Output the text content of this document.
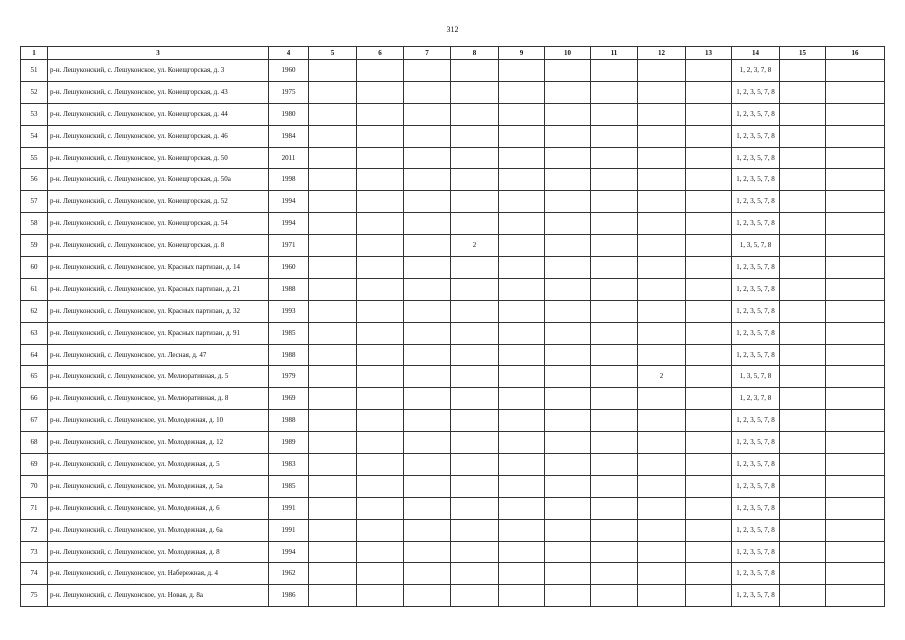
312
1	3	4	5	6	7	8	9	10	11	12	13	14	15	16
51	р-н. Лешуконский, с. Лешуконское, ул. Конещгорская, д. 3	1960										1, 2, 3, 7, 8		
52	р-н. Лешуконский, с. Лешуконское, ул. Конещгорская, д. 43	1975										1, 2, 3, 5, 7, 8		
53	р-н. Лешуконский, с. Лешуконское, ул. Конещгорская, д. 44	1980										1, 2, 3, 5, 7, 8		
54	р-н. Лешуконский, с. Лешуконское, ул. Конещгорская, д. 46	1984										1, 2, 3, 5, 7, 8		
55	р-н. Лешуконский, с. Лешуконское, ул. Конещгорская, д. 50	2011										1, 2, 3, 5, 7, 8		
56	р-н. Лешуконский, с. Лешуконское, ул. Конещгорская, д. 50а	1998										1, 2, 3, 5, 7, 8		
57	р-н. Лешуконский, с. Лешуконское, ул. Конещгорская, д. 52	1994										1, 2, 3, 5, 7, 8		
58	р-н. Лешуконский, с. Лешуконское, ул. Конещгорская, д. 54	1994										1, 2, 3, 5, 7, 8		
59	р-н. Лешуконский, с. Лешуконское, ул. Конещгорская, д. 8	1971				2						1, 3, 5, 7, 8		
60	р-н. Лешуконский, с. Лешуконское, ул. Красных партизан, д. 14	1960										1, 2, 3, 5, 7, 8		
61	р-н. Лешуконский, с. Лешуконское, ул. Красных партизан, д. 21	1988										1, 2, 3, 5, 7, 8		
62	р-н. Лешуконский, с. Лешуконское, ул. Красных партизан, д. 32	1993										1, 2, 3, 5, 7, 8		
63	р-н. Лешуконский, с. Лешуконское, ул. Красных партизан, д. 91	1985										1, 2, 3, 5, 7, 8		
64	р-н. Лешуконский, с. Лешуконское, ул. Лесная, д. 47	1988										1, 2, 3, 5, 7, 8		
65	р-н. Лешуконский, с. Лешуконское, ул. Мелиоративная, д. 5	1979								2		1, 3, 5, 7, 8		
66	р-н. Лешуконский, с. Лешуконское, ул. Мелиоративная, д. 8	1969										1, 2, 3, 7, 8		
67	р-н. Лешуконский, с. Лешуконское, ул. Молодежная, д. 10	1988										1, 2, 3, 5, 7, 8		
68	р-н. Лешуконский, с. Лешуконское, ул. Молодежная, д. 12	1989										1, 2, 3, 5, 7, 8		
69	р-н. Лешуконский, с. Лешуконское, ул. Молодежная, д. 5	1983										1, 2, 3, 5, 7, 8		
70	р-н. Лешуконский, с. Лешуконское, ул. Молодежная, д. 5а	1985										1, 2, 3, 5, 7, 8		
71	р-н. Лешуконский, с. Лешуконское, ул. Молодежная, д. 6	1991										1, 2, 3, 5, 7, 8		
72	р-н. Лешуконский, с. Лешуконское, ул. Молодежная, д. 6а	1991										1, 2, 3, 5, 7, 8		
73	р-н. Лешуконский, с. Лешуконское, ул. Молодежная, д. 8	1994										1, 2, 3, 5, 7, 8		
74	р-н. Лешуконский, с. Лешуконское, ул. Набережная, д. 4	1962										1, 2, 3, 5, 7, 8		
75	р-н. Лешуконский, с. Лешуконское, ул. Новая, д. 8а	1986										1, 2, 3, 5, 7, 8		
